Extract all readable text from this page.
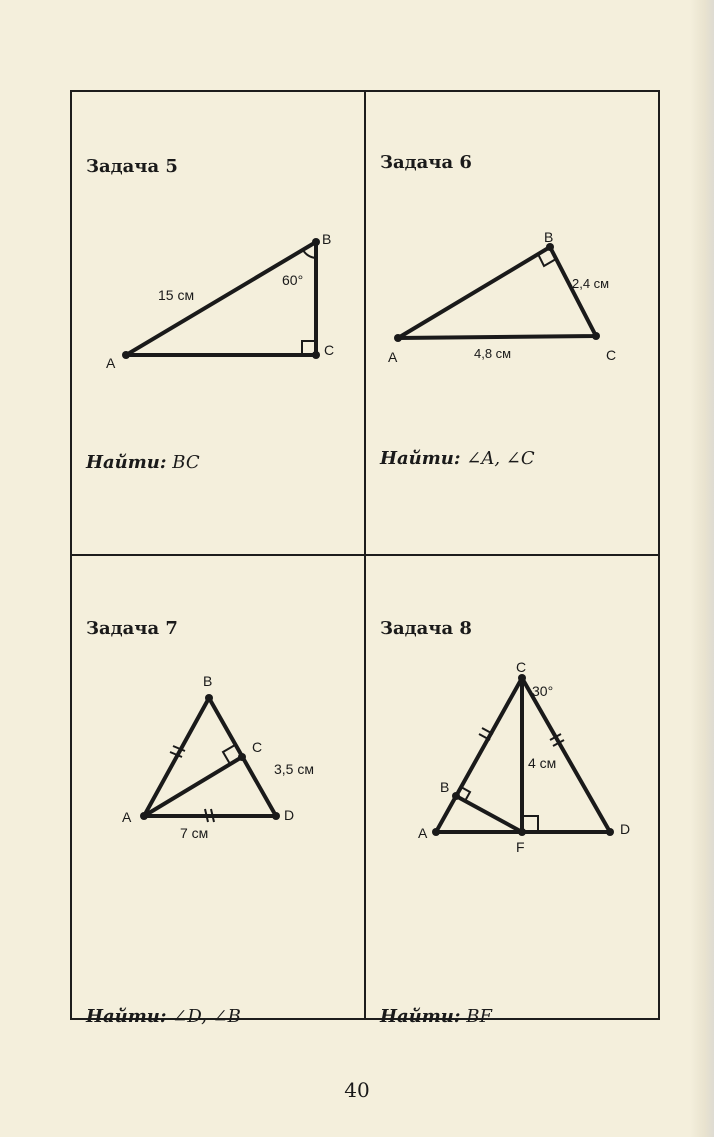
Задача 5
A
B
C
15 см
60°
Найти: BC
Задача 6
A
B
C
2,4 см
4,8 см
Найти: ∠A, ∠C
Задача 7
A
B
C
D
3,5 см
7 см
Найти: ∠D, ∠B
Задача 8
A
B
C
D
F
4 см
30°
Найти: BF
40
